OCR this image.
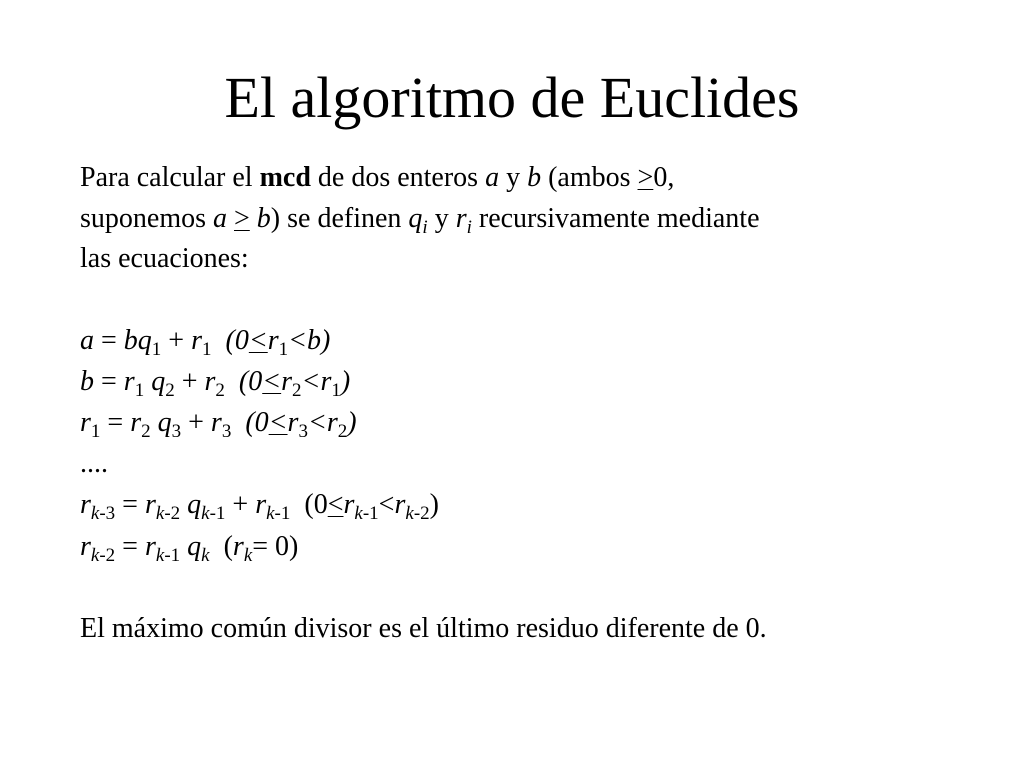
El algoritmo de Euclides
Para calcular el mcd de dos enteros a y b (ambos >0,
suponemos a > b) se definen $q_i$ y $r_i$ recursivamente mediante
las ecuaciones:
$a = bq_1 + r_1$ $(0<r_1<b)$
$b = r_1$ $q_2 + r_2$ $(0<r_2<r_1)$
$r_1 = r_2$ $q_3 + r_3$ $(0<r_3<r_2)$
....
$r_{k-3} = r_{k-2}$ $q_{k-1} + r_{k-1}$ $(0<r_{k-1}<r_{k-2})$
$r_{k-2} = r_{k-1}$ $q_k$ $(r_k= 0)$
El máximo común divisor es el último residuo diferente de 0.
